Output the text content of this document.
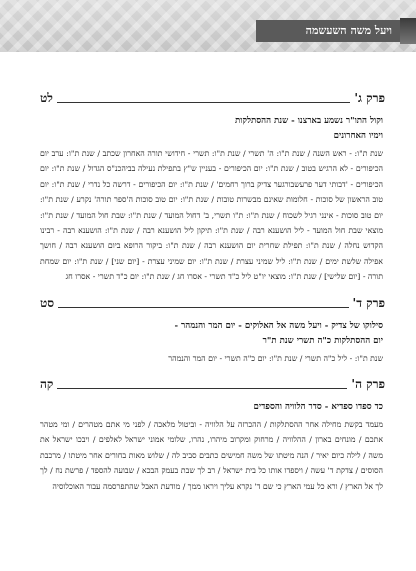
ויעל משה השעשמה
פרק ג'
לט
וקול התו"ר נשמע בארצנו - שנת ההסתלקות
וימיו האחרונים
שנת ת"ו: - ראש השנה / שנת ת"ו: ה' תשרי / שנת ת"ו: תשרי - חידושי תורה האחרון שכתב / שנת ת"ו: ערב יום הכיפורים - לא הרגיש בטוב / שנת ת"ו: יום הכיפורים - בעניין ש"ץ בתפילת נעילה בביהכנ"ס הגדול / שנת ת"ו: יום הכיפורים - 'דבותי דער פרעשבורגער צדיק ברוך רחמים' / שנת ת"ו: יום הכיפורים - דרשה כל נדרי / שנת ת"ו: יום טוב הראשון של סוכות - חלומות שאינם מבשרות טובות / שנת ת"ו: יום טוב סוכות ה'ספר תורה' נקרע / שנת ת"ו: יום טוב סוכות - אינני רגיל לשכוח / שנת ת"ו: ת"ו תשרי, ב' דחול המועד / שנת ת"ו: שבת חול המועד / שנת ת"ו: מוצאי שבת חול המועד - ליל הושענא רבה / שנת ת"ו: תיקון ליל הושענא רבה / שנת ת"ו: הושענא רבה - רבינו הקדוש נחלה / שנת ת"ו: תפילת שחרית יום הושענא רבה / שנת ת"ו: ביקור הרופא ביום הושענא רבה / חושך אפילה שלשת ימים / שנת ת"ו: ליל שמיני עצרת / שנת ת"ו: יום שמיני עצרת - [יום שני] / שנת ת"ו: יום שמחת תורה - [יום שלישי] / שנת ת"ו: מוצאי יו"ט ליל כ"ד תשרי - אסרו חג / שנת ת"ו: יום כ"ד תשרי - אסרו חג
פרק ד'
סט
סילוקו של צדיק - ויעל משה אל האלוקים - יום המר והנמהר -
יום ההסתלקות כ"ה תשרי שנת ת"ר
שנת ת"ו: - ליל כ"ה תשרי / שנת ת"ו: יום כ"ה תשרי - יום המר והנמהר
פרק ה'
קה
כד ספדו ספדיא - סדר הלוויה והספדים
מעמד בקשת מחילה אחר ההסתלקות / ההכרזה על הלוויה - וביטול מלאכה / לפני מי אתם מטהרים / ומי מטהר אתכם / מונחים בארון / ההלוויה / מרחוק ומקרוב מיהרו, נהרו, שלומי אמוני ישראל לאלפים / ויבכו ישראל את משה / לילה כיום יאיר / הנה מיטתו של משה חמישים כתבים סביב לה / שלוש מאות בחורים אחר מיטתו / מרכבת הסוסים / צדקת ד' עשה / ויספדו אותו כל בית ישראל / רב לך שבת בעמק הבכא / שבועה להספד / פרשת נח / לך לך אל הארץ / ורא כל עמי הארץ כי שם ד' נקרא עליך ויראו ממך / מודעת האבל שהתפרסמה עבור האוכלוסיה
